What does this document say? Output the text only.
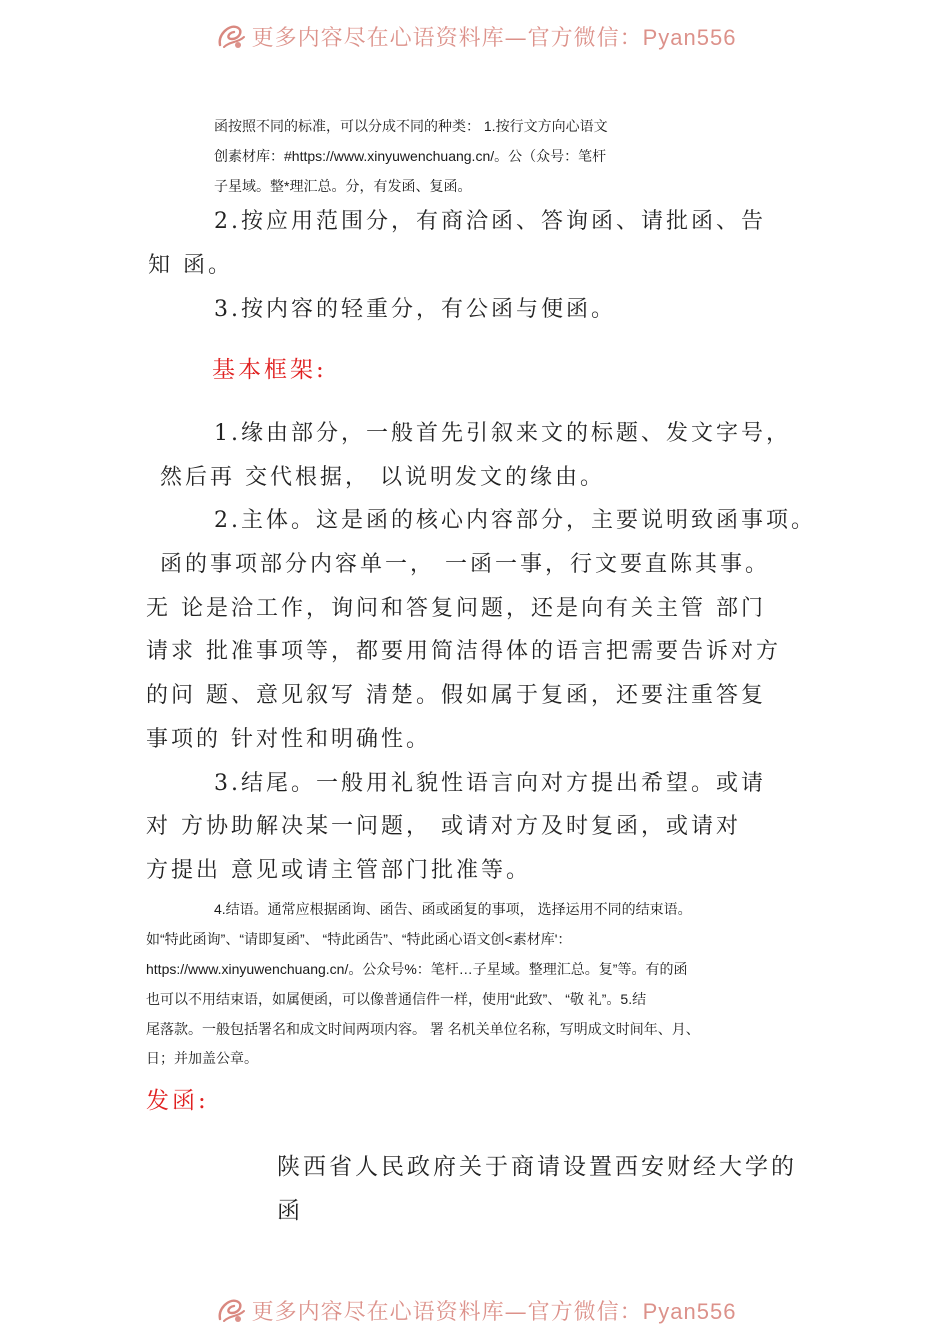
更多内容尽在心语资料库—官方微信：Pyan556
函按照不同的标准，可以分成不同的种类： 1.按行文方向心语文
创素材库：#https://www.xinyuwenchuang.cn/。公（众号：笔杆
子星域。整*理汇总。分，有发函、复函。
2.按应用范围分，有商洽函、答询函、请批函、告
知 函。
3.按内容的轻重分，有公函与便函。
基本框架:
1.缘由部分，一般首先引叙来文的标题、发文字号，
然后再 交代根据， 以说明发文的缘由。
2.主体。这是函的核心内容部分，主要说明致函事项。
函的事项部分内容单一， 一函一事，行文要直陈其事。
无 论是洽工作，询问和答复问题，还是向有关主管 部门
请求 批准事项等，都要用简洁得体的语言把需要告诉对方
的问 题、意见叙写 清楚。假如属于复函，还要注重答复
事项的 针对性和明确性。
3.结尾。一般用礼貌性语言向对方提出希望。或请
对 方协助解决某一问题， 或请对方及时复函，或请对
方提出 意见或请主管部门批准等。
4.结语。通常应根据函询、函告、函或函复的事项， 选择运用不同的结束语。
如“特此函询”、“请即复函”、 “特此函告”、“特此函心语文创<素材库'：
https://www.xinyuwenchuang.cn/。公众号%：笔杆…子星域。整理汇总。复”等。有的函
也可以不用结束语，如属便函，可以像普通信件一样，使用“此致”、 “敬 礼”。5.结
尾落款。一般包括署名和成文时间两项内容。 署 名机关单位名称，写明成文时间年、月、
日；并加盖公章。
发函:
陕西省人民政府关于商请设置西安财经大学的
函
更多内容尽在心语资料库—官方微信：Pyan556
